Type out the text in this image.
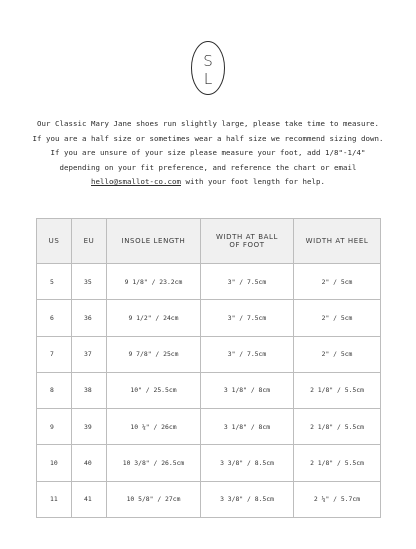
S
L
Our Classic Mary Jane shoes run slightly large, please take time to measure.
If you are a half size or sometimes wear a half size we recommend sizing down.
If you are unsure of your size please measure your foot, add 1/8"-1/4"
depending on your fit preference, and reference the chart or email
hello@smallot-co.com with your foot length for help.
US	EU	INSOLE LENGTH	WIDTH AT BALL
OF FOOT	WIDTH AT HEEL
5	35	9 1/8" / 23.2cm	3" / 7.5cm	2" / 5cm
6	36	9 1/2" / 24cm	3" / 7.5cm	2" / 5cm
7	37	9 7/8" / 25cm	3" / 7.5cm	2" / 5cm
8	38	10" / 25.5cm	3 1/8" / 8cm	2 1/8" / 5.5cm
9	39	10 ¼" / 26cm	3 1/8" / 8cm	2 1/8" / 5.5cm
10	40	10 3/8" / 26.5cm	3 3/8" / 8.5cm	2 1/8" / 5.5cm
11	41	10 5/8" / 27cm	3 3/8" / 8.5cm	2 ¼" / 5.7cm
